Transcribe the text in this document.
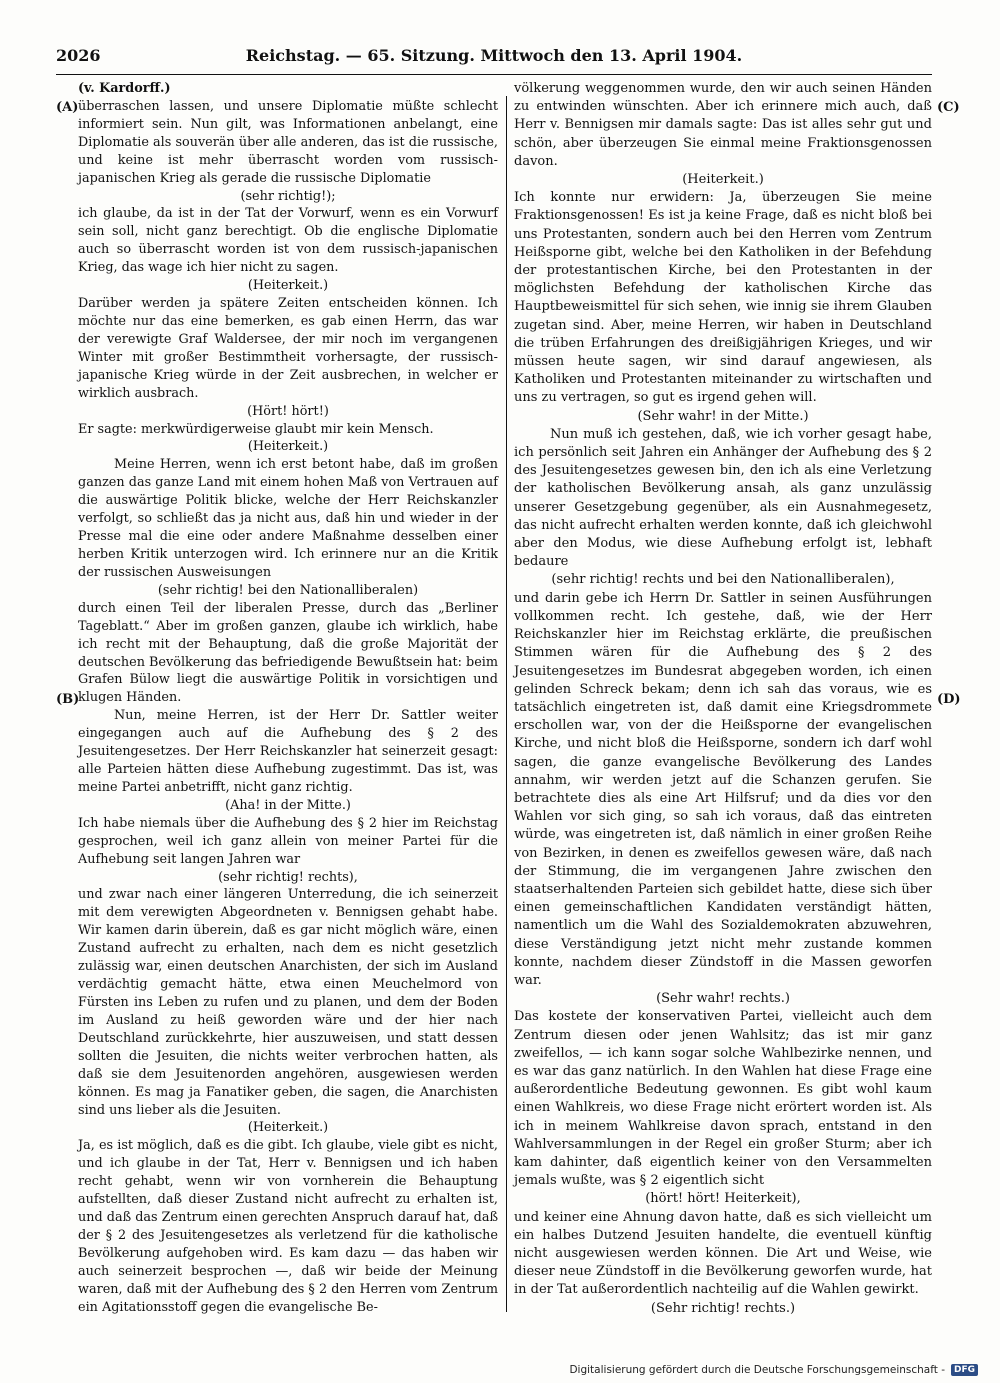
2026	Reichstag. — 65. Sitzung. Mittwoch den 13. April 1904.
(A)
(B)
(C)
(D)

(v. Kardorff.)

überraschen lassen, und unsere Diplomatie müßte schlecht informiert sein. Nun gilt, was Informationen anbelangt, eine Diplomatie als souverän über alle anderen, das ist die russische, und keine ist mehr überrascht worden vom russisch-japanischen Krieg als gerade die russische Diplomatie

(sehr richtig!);

ich glaube, da ist in der Tat der Vorwurf, wenn es ein Vorwurf sein soll, nicht ganz berechtigt. Ob die englische Diplomatie auch so überrascht worden ist von dem russisch-japanischen Krieg, das wage ich hier nicht zu sagen.

(Heiterkeit.)

Darüber werden ja spätere Zeiten entscheiden können. Ich möchte nur das eine bemerken, es gab einen Herrn, das war der verewigte Graf Waldersee, der mir noch im vergangenen Winter mit großer Bestimmtheit vorhersagte, der russisch-japanische Krieg würde in der Zeit ausbrechen, in welcher er wirklich ausbrach.

(Hört! hört!)

Er sagte: merkwürdigerweise glaubt mir kein Mensch.

(Heiterkeit.)

Meine Herren, wenn ich erst betont habe, daß im großen ganzen das ganze Land mit einem hohen Maß von Vertrauen auf die auswärtige Politik blicke, welche der Herr Reichskanzler verfolgt, so schließt das ja nicht aus, daß hin und wieder in der Presse mal die eine oder andere Maßnahme desselben einer herben Kritik unterzogen wird. Ich erinnere nur an die Kritik der russischen Ausweisungen

(sehr richtig! bei den Nationalliberalen)

durch einen Teil der liberalen Presse, durch das „Berliner Tageblatt.“ Aber im großen ganzen, glaube ich wirklich, habe ich recht mit der Behauptung, daß die große Majorität der deutschen Bevölkerung das befriedigende Bewußtsein hat: beim Grafen Bülow liegt die auswärtige Politik in vorsichtigen und klugen Händen.

Nun, meine Herren, ist der Herr Dr. Sattler weiter eingegangen auch auf die Aufhebung des § 2 des Jesuitengesetzes. Der Herr Reichskanzler hat seinerzeit gesagt: alle Parteien hätten diese Aufhebung zugestimmt. Das ist, was meine Partei anbetrifft, nicht ganz richtig.

(Aha! in der Mitte.)

Ich habe niemals über die Aufhebung des § 2 hier im Reichstag gesprochen, weil ich ganz allein von meiner Partei für die Aufhebung seit langen Jahren war

(sehr richtig! rechts),

und zwar nach einer längeren Unterredung, die ich seinerzeit mit dem verewigten Abgeordneten v. Bennigsen gehabt habe. Wir kamen darin überein, daß es gar nicht möglich wäre, einen Zustand aufrecht zu erhalten, nach dem es nicht gesetzlich zulässig war, einen deutschen Anarchisten, der sich im Ausland verdächtig gemacht hätte, etwa einen Meuchelmord von Fürsten ins Leben zu rufen und zu planen, und dem der Boden im Ausland zu heiß geworden wäre und der hier nach Deutschland zurückkehrte, hier auszuweisen, und statt dessen sollten die Jesuiten, die nichts weiter verbrochen hatten, als daß sie dem Jesuitenorden angehören, ausgewiesen werden können. Es mag ja Fanatiker geben, die sagen, die Anarchisten sind uns lieber als die Jesuiten.

(Heiterkeit.)

Ja, es ist möglich, daß es die gibt. Ich glaube, viele gibt es nicht, und ich glaube in der Tat, Herr v. Bennigsen und ich haben recht gehabt, wenn wir von vornherein die Behauptung aufstellten, daß dieser Zustand nicht aufrecht zu erhalten ist, und daß das Zentrum einen gerechten Anspruch darauf hat, daß der § 2 des Jesuitengesetzes als verletzend für die katholische Bevölkerung aufgehoben wird. Es kam dazu — das haben wir auch seinerzeit besprochen —, daß wir beide der Meinung waren, daß mit der Aufhebung des § 2 den Herren vom Zentrum ein Agitationsstoff gegen die evangelische Be-

völkerung weggenommen wurde, den wir auch seinen Händen zu entwinden wünschten. Aber ich erinnere mich auch, daß Herr v. Bennigsen mir damals sagte: Das ist alles sehr gut und schön, aber überzeugen Sie einmal meine Fraktionsgenossen davon.

(Heiterkeit.)

Ich konnte nur erwidern: Ja, überzeugen Sie meine Fraktionsgenossen! Es ist ja keine Frage, daß es nicht bloß bei uns Protestanten, sondern auch bei den Herren vom Zentrum Heißsporne gibt, welche bei den Katholiken in der Befehdung der protestantischen Kirche, bei den Protestanten in der möglichsten Befehdung der katholischen Kirche das Hauptbeweismittel für sich sehen, wie innig sie ihrem Glauben zugetan sind. Aber, meine Herren, wir haben in Deutschland die trüben Erfahrungen des dreißigjährigen Krieges, und wir müssen heute sagen, wir sind darauf angewiesen, als Katholiken und Protestanten miteinander zu wirtschaften und uns zu vertragen, so gut es irgend gehen will.

(Sehr wahr! in der Mitte.)

Nun muß ich gestehen, daß, wie ich vorher gesagt habe, ich persönlich seit Jahren ein Anhänger der Aufhebung des § 2 des Jesuitengesetzes gewesen bin, den ich als eine Verletzung der katholischen Bevölkerung ansah, als ganz unzulässig unserer Gesetzgebung gegenüber, als ein Ausnahmegesetz, das nicht aufrecht erhalten werden konnte, daß ich gleichwohl aber den Modus, wie diese Aufhebung erfolgt ist, lebhaft bedaure

(sehr richtig! rechts und bei den Nationalliberalen),

und darin gebe ich Herrn Dr. Sattler in seinen Ausführungen vollkommen recht. Ich gestehe, daß, wie der Herr Reichskanzler hier im Reichstag erklärte, die preußischen Stimmen wären für die Aufhebung des § 2 des Jesuitengesetzes im Bundesrat abgegeben worden, ich einen gelinden Schreck bekam; denn ich sah das voraus, wie es tatsächlich eingetreten ist, daß damit eine Kriegsdrommete erschollen war, von der die Heißsporne der evangelischen Kirche, und nicht bloß die Heißsporne, sondern ich darf wohl sagen, die ganze evangelische Bevölkerung des Landes annahm, wir werden jetzt auf die Schanzen gerufen. Sie betrachtete dies als eine Art Hilfsruf; und da dies vor den Wahlen vor sich ging, so sah ich voraus, daß das eintreten würde, was eingetreten ist, daß nämlich in einer großen Reihe von Bezirken, in denen es zweifellos gewesen wäre, daß nach der Stimmung, die im vergangenen Jahre zwischen den staatserhaltenden Parteien sich gebildet hatte, diese sich über einen gemeinschaftlichen Kandidaten verständigt hätten, namentlich um die Wahl des Sozialdemokraten abzuwehren, diese Verständigung jetzt nicht mehr zustande kommen konnte, nachdem dieser Zündstoff in die Massen geworfen war.

(Sehr wahr! rechts.)

Das kostete der konservativen Partei, vielleicht auch dem Zentrum diesen oder jenen Wahlsitz; das ist mir ganz zweifellos, — ich kann sogar solche Wahlbezirke nennen, und es war das ganz natürlich. In den Wahlen hat diese Frage eine außerordentliche Bedeutung gewonnen. Es gibt wohl kaum einen Wahlkreis, wo diese Frage nicht erörtert worden ist. Als ich in meinem Wahlkreise davon sprach, entstand in den Wahlversammlungen in der Regel ein großer Sturm; aber ich kam dahinter, daß eigentlich keiner von den Versammelten jemals wußte, was § 2 eigentlich sicht

(hört! hört! Heiterkeit),

und keiner eine Ahnung davon hatte, daß es sich vielleicht um ein halbes Dutzend Jesuiten handelte, die eventuell künftig nicht ausgewiesen werden können. Die Art und Weise, wie dieser neue Zündstoff in die Bevölkerung geworfen wurde, hat in der Tat außerordentlich nachteilig auf die Wahlen gewirkt.

(Sehr richtig! rechts.)

Digitalisierung gefördert durch die Deutsche Forschungsgemeinschaft -	DFG
